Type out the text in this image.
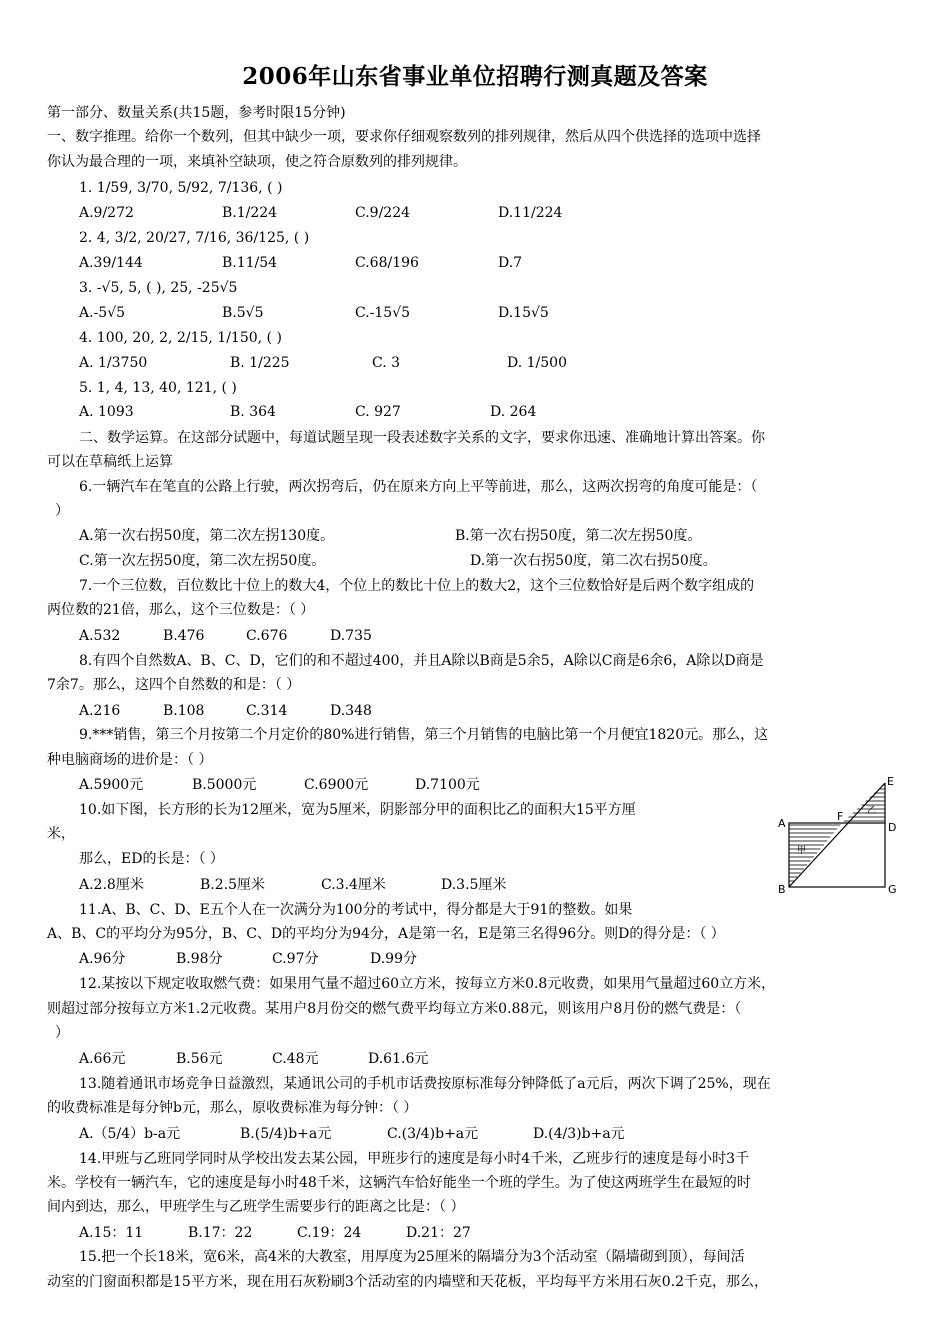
2006年山东省事业单位招聘行测真题及答案
第一部分、数量关系(共15题，参考时限15分钟)
一、数字推理。给你一个数列，但其中缺少一项，要求你仔细观察数列的排列规律，然后从四个供选择的选项中选择
你认为最合理的一项，来填补空缺项，使之符合原数列的排列规律。
1. 1/59, 3/70, 5/92, 7/136, ( )
A.9/272	B.1/224	C.9/224	D.11/224
2. 4, 3/2, 20/27, 7/16, 36/125, ( )
A.39/144	B.11/54	C.68/196	D.7
3. -√5, 5, ( ), 25, -25√5
A.-5√5	B.5√5	C.-15√5	D.15√5
4. 100, 20, 2, 2/15, 1/150, ( )
A. 1/3750	B. 1/225	C. 3	D. 1/500
5. 1, 4, 13, 40, 121, ( )
A. 1093	B. 364	C. 927	D. 264
二、数学运算。在这部分试题中，每道试题呈现一段表述数字关系的文字，要求你迅速、准确地计算出答案。你
可以在草稿纸上运算
6.一辆汽车在笔直的公路上行驶，两次拐弯后，仍在原来方向上平等前进，那么，这两次拐弯的角度可能是：（
）
A.第一次右拐50度，第二次左拐130度。	B.第一次右拐50度，第二次左拐50度。
C.第一次左拐50度，第二次左拐50度。	D.第一次右拐50度，第二次右拐50度。
7.一个三位数，百位数比十位上的数大4，个位上的数比十位上的数大2，这个三位数恰好是后两个数字组成的
两位数的21倍，那么，这个三位数是：（ ）
A.532	B.476	C.676	D.735
8.有四个自然数A、B、C、D，它们的和不超过400，并且A除以B商是5余5，A除以C商是6余6，A除以D商是
7余7。那么，这四个自然数的和是：（ ）
A.216	B.108	C.314	D.348
9.***销售，第三个月按第二个月定价的80%进行销售，第三个月销售的电脑比第一个月便宜1820元。那么，这
种电脑商场的进价是：（ ）
A.5900元	B.5000元	C.6900元	D.7100元
10.如下图，长方形的长为12厘米，宽为5厘米，阴影部分甲的面积比乙的面积大15平方厘
米，
那么，ED的长是：（ ）
A.2.8厘米	B.2.5厘米	C.3.4厘米	D.3.5厘米
E
F
A	D
乙
甲
B	G
11.A、B、C、D、E五个人在一次满分为100分的考试中，得分都是大于91的整数。如果
A、B、C的平均分为95分，B、C、D的平均分为94分，A是第一名，E是第三名得96分。则D的得分是：（ ）
A.96分	B.98分	C.97分	D.99分
12.某按以下规定收取燃气费：如果用气量不超过60立方米，按每立方米0.8元收费，如果用气量超过60立方米，
则超过部分按每立方米1.2元收费。某用户8月份交的燃气费平均每立方米0.88元，则该用户8月份的燃气费是：（
）
A.66元	B.56元	C.48元	D.61.6元
13.随着通讯市场竞争日益激烈，某通讯公司的手机市话费按原标准每分钟降低了a元后，两次下调了25%，现在
的收费标准是每分钟b元，那么，原收费标准为每分钟：（ ）
A.（5/4）b-a元	B.(5/4)b+a元	C.(3/4)b+a元	D.(4/3)b+a元
14.甲班与乙班同学同时从学校出发去某公园，甲班步行的速度是每小时4千米，乙班步行的速度是每小时3千
米。学校有一辆汽车，它的速度是每小时48千米，这辆汽车恰好能坐一个班的学生。为了使这两班学生在最短的时
间内到达，那么，甲班学生与乙班学生需要步行的距离之比是：（ ）
A.15：11	B.17：22	C.19：24	D.21：27
15.把一个长18米，宽6米，高4米的大教室，用厚度为25厘米的隔墙分为3个活动室（隔墙砌到顶），每间活
动室的门窗面积都是15平方米，现在用石灰粉刷3个活动室的内墙壁和天花板，平均每平方米用石灰0.2千克，那么，
